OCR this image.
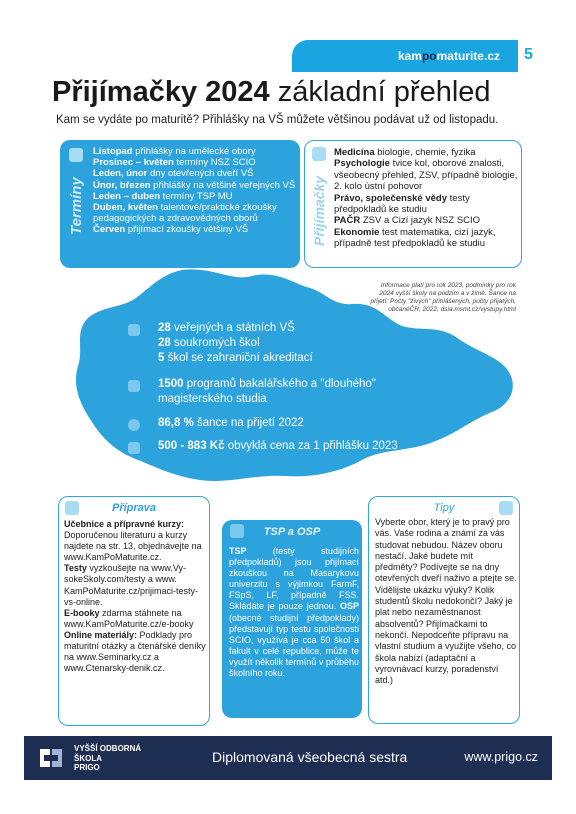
kampomaturite.cz 5
Přijímačky 2024 základní přehled
Kam se vydáte po maturitě? Přihlášky na VŠ můžete většinou podávat už od listopadu.
Termíny
Listopad přihlášky na umělecké obory
Prosinec – květen termíny NSZ SCIO
Leden, únor dny otevřených dveří VŠ
Únor, březen přihlášky na většině veřejných VŠ
Leden – duben termíny TSP MU
Duben, květen talentové/praktické zkoušky pedagogických a zdravovědných oborů
Červen přijímací zkoušky většiny VŠ	Přijímačky
Medicína biologie, chemie, fyzika
Psychologie tvice kol, oborové znalosti, všeobecný přehled, ZSV, případně biologie, 2. kolo ústní pohovor
Právo, společenské vědy testy předpokladů ke studiu
PAČR ZSV a Cizí jazyk NSZ SCIO
Ekonomie test matematika, cizí jazyk, případně test předpokladů ke studiu
Informace platí pro rok 2023, podmínky pro rok 2024 vyšší školy na podzim a v zimě. Šance na přijetí: Počty "živých" přihlášených, počty přijatých, občanéČR, 2022, dsia.msmt.cz/vystupy.html
28 veřejných a státních VŠ
28 soukromých škol
5 škol se zahraniční akreditací
1500 programů bakalářského a "dlouhého"
magisterského studia
86,8 % šance na přijetí 2022
500 - 883 Kč obvyklá cena za 1 přihlášku 2023
Příprava
Učebnice a přípravné kurzy: Doporučenou literaturu a kurzy najdete na str. 13, objednávejte na www.KamPoMaturite.cz.
Testy vyzkoušejte na www.Vy-sokeSkoly.com/testy a www. KamPoMaturite.cz/prijimaci-testy-vs-online.
E-booky zdarma stáhnete na www.KamPoMaturite.cz/e-booky
Online materiály: Podklady pro maturitní otázky a čtenářské deníky na www.Seminarky.cz a www.Ctenarsky-denik.cz.
TSP a OSP
TSP (testy studijních předpokladů) jsou přijímací zkouškou na Masarykovu univerzitu s výjimkou FarmF, FSpS, LF, případně FSS. Skládáte je pouze jednou. OSP (obecné studijní předpoklady) představují typ testu společnosti SCIO, využívá je cca 50 škol a fakult v celé republice, může te využít několik termínů v průběhu školního roku.
Tipy
Vyberte obor, který je to pravý pro vás. Vaše rodina a známí za vás studovat nebudou. Název oboru nestačí. Jaké budete mít předměty? Podívejte se na dny otevřených dveří naživo a ptejte se. Vidělijste ukázku výuky? Kolik studentů školu nedokončí? Jaký je plat nebo nezaměstnanost absolventů? Přijímačkami to nekončí. Nepodceňte přípravu na vlastní studium a využijte všeho, co škola nabízí (adaptační a vyrovnávací kurzy, poradenství atd.)
VYŠŠÍ ODBORNÁ
ŠKOLA
PRIGO
Diplomovaná všeobecná sestra	www.prigo.cz
